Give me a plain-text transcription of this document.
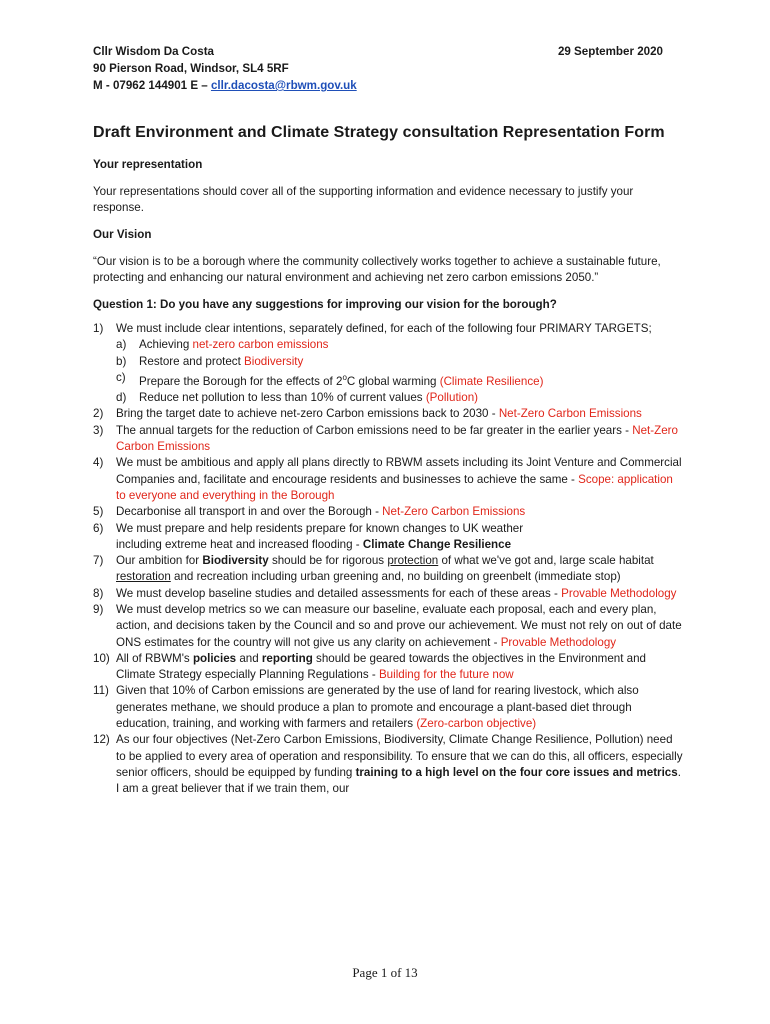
Cllr Wisdom Da Costa
90 Pierson Road, Windsor, SL4 5RF
M - 07962 144901 E – cllr.dacosta@rbwm.gov.uk
29 September 2020
Draft Environment and Climate Strategy consultation Representation Form

Your representation

Your representations should cover all of the supporting information and evidence necessary to justify your response.

Our Vision

“Our vision is to be a borough where the community collectively works together to achieve a sustainable future, protecting and enhancing our natural environment and achieving net zero carbon emissions 2050.”

Question 1: Do you have any suggestions for improving our vision for the borough?

1) We must include clear intentions, separately defined, for each of the following four PRIMARY TARGETS;
a) Achieving net-zero carbon emissions
b) Restore and protect Biodiversity
c) Prepare the Borough for the effects of 2$^o$C global warming (Climate Resilience)
d) Reduce net pollution to less than 10% of current values (Pollution)
2) Bring the target date to achieve net-zero Carbon emissions back to 2030 - Net-Zero Carbon Emissions
3) The annual targets for the reduction of Carbon emissions need to be far greater in the earlier years - Net-Zero Carbon Emissions
4) We must be ambitious and apply all plans directly to RBWM assets including its Joint Venture and Commercial Companies and, facilitate and encourage residents and businesses to achieve the same - Scope: application to everyone and everything in the Borough
5) Decarbonise all transport in and over the Borough - Net-Zero Carbon Emissions
6) We must prepare and help residents prepare for known changes to UK weather
including extreme heat and increased flooding - Climate Change Resilience
7) Our ambition for Biodiversity should be for rigorous protection of what we've got and, large scale habitat restoration and recreation including urban greening and, no building on greenbelt (immediate stop)
8) We must develop baseline studies and detailed assessments for each of these areas - Provable Methodology
9) We must develop metrics so we can measure our baseline, evaluate each proposal, each and every plan, action, and decisions taken by the Council and so and prove our achievement. We must not rely on out of date ONS estimates for the country will not give us any clarity on achievement - Provable Methodology
10) All of RBWM's policies and reporting should be geared towards the objectives in the Environment and Climate Strategy especially Planning Regulations - Building for the future now
11) Given that 10% of Carbon emissions are generated by the use of land for rearing livestock, which also generates methane, we should produce a plan to promote and encourage a plant-based diet through education, training, and working with farmers and retailers (Zero-carbon objective)
12) As our four objectives (Net-Zero Carbon Emissions, Biodiversity, Climate Change Resilience, Pollution) need to be applied to every area of operation and responsibility. To ensure that we can do this, all officers, especially senior officers, should be equipped by funding training to a high level on the four core issues and metrics. I am a great believer that if we train them, our
Page 1 of 13
